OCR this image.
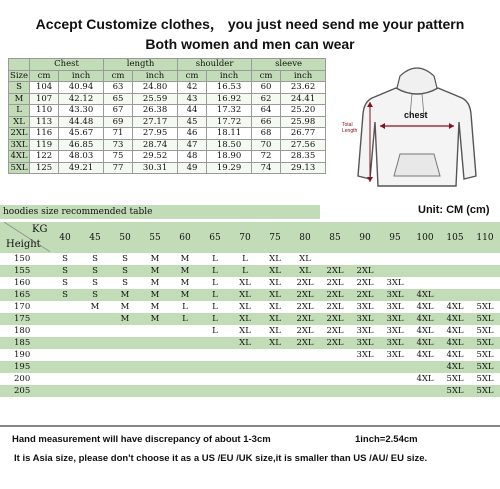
Accept Customize clothes， you just need send me your pattern
Both women and men can wear
	Chest		length		shoulder		sleeve	
Size	cm	inch	cm	inch	cm	inch	cm	inch
S	104	40.94	63	24.80	42	16.53	60	23.62
M	107	42.12	65	25.59	43	16.92	62	24.41
L	110	43.30	67	26.38	44	17.32	64	25.20
XL	113	44.48	69	27.17	45	17.72	66	25.98
2XL	116	45.67	71	27.95	46	18.11	68	26.77
3XL	119	46.85	73	28.74	47	18.50	70	27.56
4XL	122	48.03	75	29.52	48	18.90	72	28.35
5XL	125	49.21	77	30.31	49	19.29	74	29.13
chest
Total Length
hoodies size recommended table	Unit: CM (cm)
KG
Height	40	45	50	55	60	65	70	75	80	85	90	95	100	105	110
150	S	S	S	M	M	L	L	XL	XL						
155	S	S	S	M	M	L	L	XL	XL	2XL	2XL				
160	S	S	S	M	M	L	XL	XL	2XL	2XL	2XL	3XL			
165	S	S	M	M	M	L	XL	XL	2XL	2XL	2XL	3XL	4XL		
170		M	M	M	L	L	XL	XL	2XL	2XL	3XL	3XL	4XL	4XL	5XL
175			M	M	L	L	XL	XL	2XL	2XL	3XL	3XL	4XL	4XL	5XL
180						L	XL	XL	2XL	2XL	3XL	3XL	4XL	4XL	5XL
185							XL	XL	2XL	2XL	3XL	3XL	4XL	4XL	5XL
190											3XL	3XL	4XL	4XL	5XL
195														4XL	5XL
200													4XL	5XL	5XL
205														5XL	5XL
Hand measurement will have discrepancy of about 1-3cm	1inch=2.54cm
It is Asia size, please don't choose it as a US /EU /UK size,it is smaller than US /AU/ EU size.
